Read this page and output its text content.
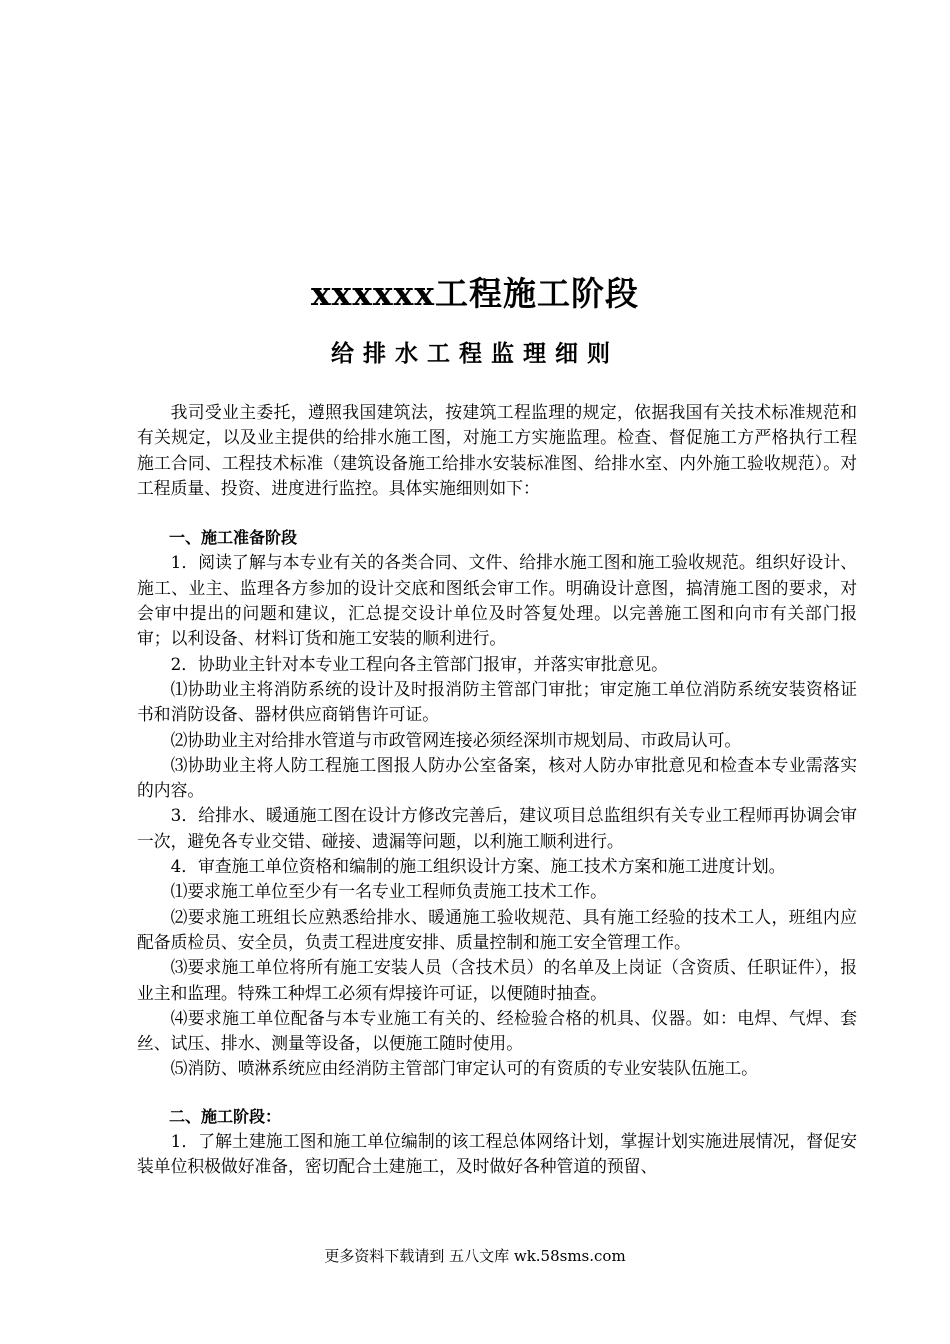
xxxxxx工程施工阶段
给排水工程监理细则

我司受业主委托，遵照我国建筑法，按建筑工程监理的规定，依据我国有关技术标准规范和有关规定，以及业主提供的给排水施工图，对施工方实施监理。检查、督促施工方严格执行工程施工合同、工程技术标准（建筑设备施工给排水安装标准图、给排水室、内外施工验收规范）。对工程质量、投资、进度进行监控。具体实施细则如下：

一、施工准备阶段

1．阅读了解与本专业有关的各类合同、文件、给排水施工图和施工验收规范。组织好设计、施工、业主、监理各方参加的设计交底和图纸会审工作。明确设计意图，搞清施工图的要求，对会审中提出的问题和建议，汇总提交设计单位及时答复处理。以完善施工图和向市有关部门报审；以利设备、材料订货和施工安装的顺利进行。

2．协助业主针对本专业工程向各主管部门报审，并落实审批意见。

⑴协助业主将消防系统的设计及时报消防主管部门审批；审定施工单位消防系统安装资格证书和消防设备、器材供应商销售许可证。

⑵协助业主对给排水管道与市政管网连接必须经深圳市规划局、市政局认可。

⑶协助业主将人防工程施工图报人防办公室备案，核对人防办审批意见和检查本专业需落实的内容。

3．给排水、暖通施工图在设计方修改完善后，建议项目总监组织有关专业工程师再协调会审一次，避免各专业交错、碰接、遗漏等问题，以利施工顺利进行。

4．审查施工单位资格和编制的施工组织设计方案、施工技术方案和施工进度计划。

⑴要求施工单位至少有一名专业工程师负责施工技术工作。

⑵要求施工班组长应熟悉给排水、暖通施工验收规范、具有施工经验的技术工人，班组内应配备质检员、安全员，负责工程进度安排、质量控制和施工安全管理工作。

⑶要求施工单位将所有施工安装人员（含技术员）的名单及上岗证（含资质、任职证件），报业主和监理。特殊工种焊工必须有焊接许可证，以便随时抽查。

⑷要求施工单位配备与本专业施工有关的、经检验合格的机具、仪器。如：电焊、气焊、套丝、试压、排水、测量等设备，以便施工随时使用。

⑸消防、喷淋系统应由经消防主管部门审定认可的有资质的专业安装队伍施工。

二、施工阶段：

1．了解土建施工图和施工单位编制的该工程总体网络计划，掌握计划实施进展情况，督促安装单位积极做好准备，密切配合土建施工，及时做好各种管道的预留、

更多资料下载请到 五八文库 wk.58sms.com
